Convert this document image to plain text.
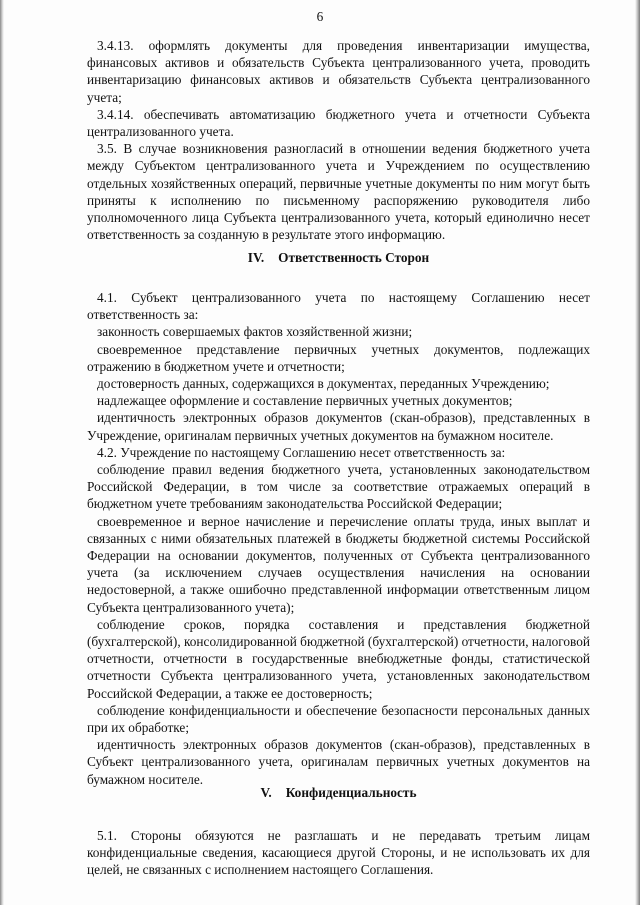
6

3.4.13. оформлять документы для проведения инвентаризации имущества, финансовых активов и обязательств Субъекта централизованного учета, проводить инвентаризацию финансовых активов и обязательств Субъекта централизованного учета;

3.4.14. обеспечивать автоматизацию бюджетного учета и отчетности Субъекта централизованного учета.

3.5. В случае возникновения разногласий в отношении ведения бюджетного учета между Субъектом централизованного учета и Учреждением по осуществлению отдельных хозяйственных операций, первичные учетные документы по ним могут быть приняты к исполнению по письменному распоряжению руководителя либо уполномоченного лица Субъекта централизованного учета, который единолично несет ответственность за созданную в результате этого информацию.

IV. Ответственность Сторон

4.1. Субъект централизованного учета по настоящему Соглашению несет ответственность за:

законность совершаемых фактов хозяйственной жизни;

своевременное представление первичных учетных документов, подлежащих отражению в бюджетном учете и отчетности;

достоверность данных, содержащихся в документах, переданных Учреждению;

надлежащее оформление и составление первичных учетных документов;

идентичность электронных образов документов (скан-образов), представленных в Учреждение, оригиналам первичных учетных документов на бумажном носителе.

4.2. Учреждение по настоящему Соглашению несет ответственность за:

соблюдение правил ведения бюджетного учета, установленных законодательством Российской Федерации, в том числе за соответствие отражаемых операций в бюджетном учете требованиям законодательства Российской Федерации;

своевременное и верное начисление и перечисление оплаты труда, иных выплат и связанных с ними обязательных платежей в бюджеты бюджетной системы Российской Федерации на основании документов, полученных от Субъекта централизованного учета (за исключением случаев осуществления начисления на основании недостоверной, а также ошибочно представленной информации ответственным лицом Субъекта централизованного учета);

соблюдение сроков, порядка составления и представления бюджетной (бухгалтерской), консолидированной бюджетной (бухгалтерской) отчетности, налоговой отчетности, отчетности в государственные внебюджетные фонды, статистической отчетности Субъекта централизованного учета, установленных законодательством Российской Федерации, а также ее достоверность;

соблюдение конфиденциальности и обеспечение безопасности персональных данных при их обработке;

идентичность электронных образов документов (скан-образов), представленных в Субъект централизованного учета, оригиналам первичных учетных документов на бумажном носителе.

V. Конфиденциальность

5.1. Стороны обязуются не разглашать и не передавать третьим лицам конфиденциальные сведения, касающиеся другой Стороны, и не использовать их для целей, не связанных с исполнением настоящего Соглашения.
